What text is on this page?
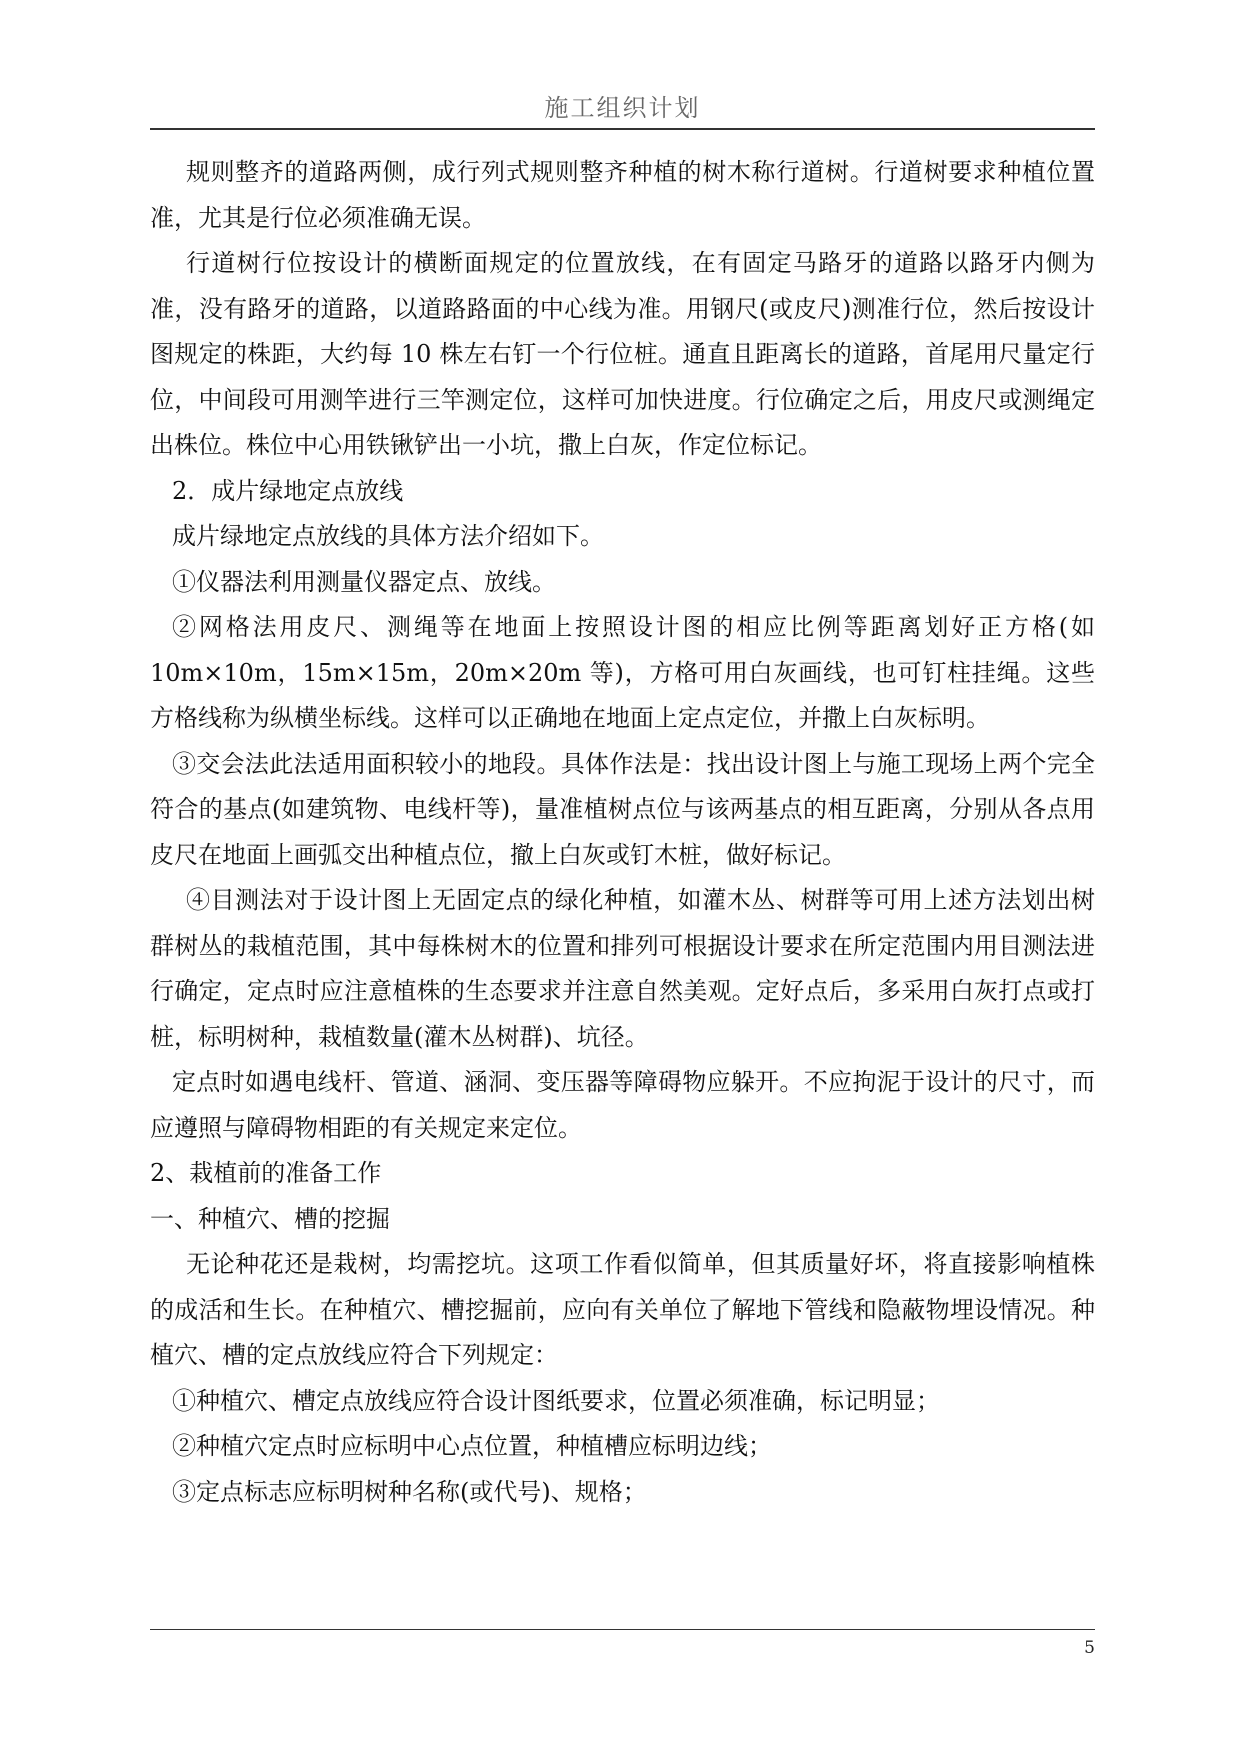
施工组织计划

规则整齐的道路两侧，成行列式规则整齐种植的树木称行道树。行道树要求种植位置准，尤其是行位必须准确无误。

行道树行位按设计的横断面规定的位置放线，在有固定马路牙的道路以路牙内侧为准，没有路牙的道路，以道路路面的中心线为准。用钢尺(或皮尺)测准行位，然后按设计图规定的株距，大约每 10 株左右钉一个行位桩。通直且距离长的道路，首尾用尺量定行位，中间段可用测竿进行三竿测定位，这样可加快进度。行位确定之后，用皮尺或测绳定出株位。株位中心用铁锹铲出一小坑，撒上白灰，作定位标记。

2．成片绿地定点放线

成片绿地定点放线的具体方法介绍如下。

①仪器法利用测量仪器定点、放线。

②网格法用皮尺、测绳等在地面上按照设计图的相应比例等距离划好正方格(如 10m×10m，15m×15m，20m×20m 等)，方格可用白灰画线，也可钉柱挂绳。这些方格线称为纵横坐标线。这样可以正确地在地面上定点定位，并撒上白灰标明。

③交会法此法适用面积较小的地段。具体作法是：找出设计图上与施工现场上两个完全符合的基点(如建筑物、电线杆等)，量准植树点位与该两基点的相互距离，分别从各点用皮尺在地面上画弧交出种植点位，撤上白灰或钉木桩，做好标记。

④目测法对于设计图上无固定点的绿化种植，如灌木丛、树群等可用上述方法划出树群树丛的栽植范围，其中每株树木的位置和排列可根据设计要求在所定范围内用目测法进行确定，定点时应注意植株的生态要求并注意自然美观。定好点后，多采用白灰打点或打桩，标明树种，栽植数量(灌木丛树群)、坑径。

定点时如遇电线杆、管道、涵洞、变压器等障碍物应躲开。不应拘泥于设计的尺寸，而应遵照与障碍物相距的有关规定来定位。

2、栽植前的准备工作

一、种植穴、槽的挖掘

无论种花还是栽树，均需挖坑。这项工作看似简单，但其质量好坏，将直接影响植株的成活和生长。在种植穴、槽挖掘前，应向有关单位了解地下管线和隐蔽物埋设情况。种植穴、槽的定点放线应符合下列规定：

①种植穴、槽定点放线应符合设计图纸要求，位置必须准确，标记明显；

②种植穴定点时应标明中心点位置，种植槽应标明边线；

③定点标志应标明树种名称(或代号)、规格；

5
